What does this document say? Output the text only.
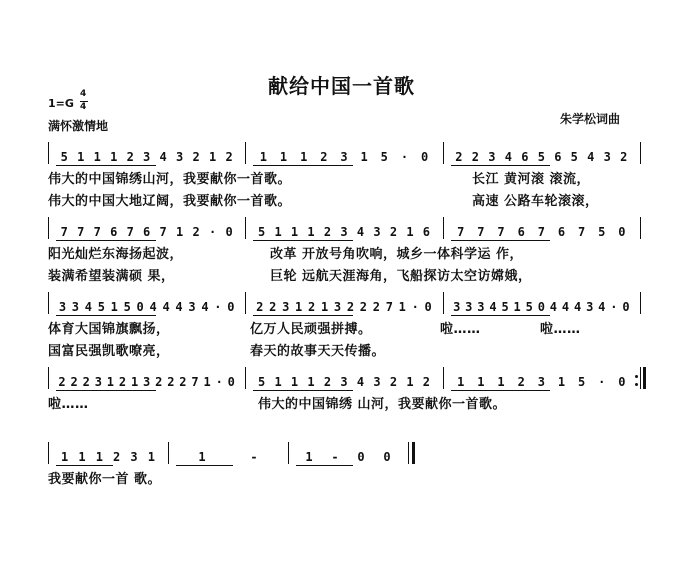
献给中国一首歌
1=G
4
4
满怀激情地	朱学松词曲
5 1 1 1 2 3 4 3 2 1 2	1	1	1	2	3	1	5	·	0	2 2 3 4 6 5 6 5 4 3 2
7 7 7 6 7 6 7 1 2 · 0	5 1 1 1 2 3 4 3 2 1 6	7	7	7	6	7	6	7	5	0
3 3 4 5 1 5 0 4 4 4 3 4 · 0 2 2 3 1 2 1 3 2 2 2 7 1 · 0 3 3 3 4 5 1 5 0 4 4 4 3 4 · 0
2 2 2 3 1 2 1 3 2 2 2 7 1 · 0	5 1 1 1 2 3 4 3 2 1 2	1	1	1	2	3	1	5	·	0
1 1 1 2 3 1	1	-	1	-	0	0
伟大的中国锦绣山河，我要献你一首歌。	长江 黄河滚 滚流，
伟大的中国大地辽阔，我要献你一首歌。	高速 公路车轮滚滚，
阳光灿烂东海扬起波，	改革 开放号角吹响，城乡一体科学运 作，
装满希望装满硕 果，	巨轮 远航天涯海角，飞船探访太空访嫦娥，
体育大国锦旗飘扬，	亿万人民顽强拼搏。	啦……	啦……
国富民强凯歌嘹亮，	春天的故事天天传播。
啦……	伟大的中国锦绣 山河，我要献你一首歌。
我要献你一首 歌。
